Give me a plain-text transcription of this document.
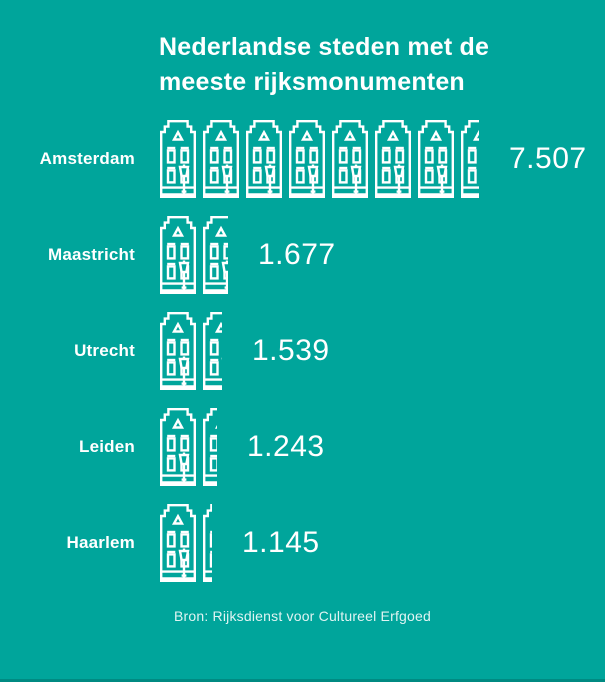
Nederlandse steden met de
meeste rijksmonumenten
Amsterdam	7.507
Maastricht	1.677
Utrecht	1.539
Leiden	1.243
Haarlem	1.145
Bron: Rijksdienst voor Cultureel Erfgoed
